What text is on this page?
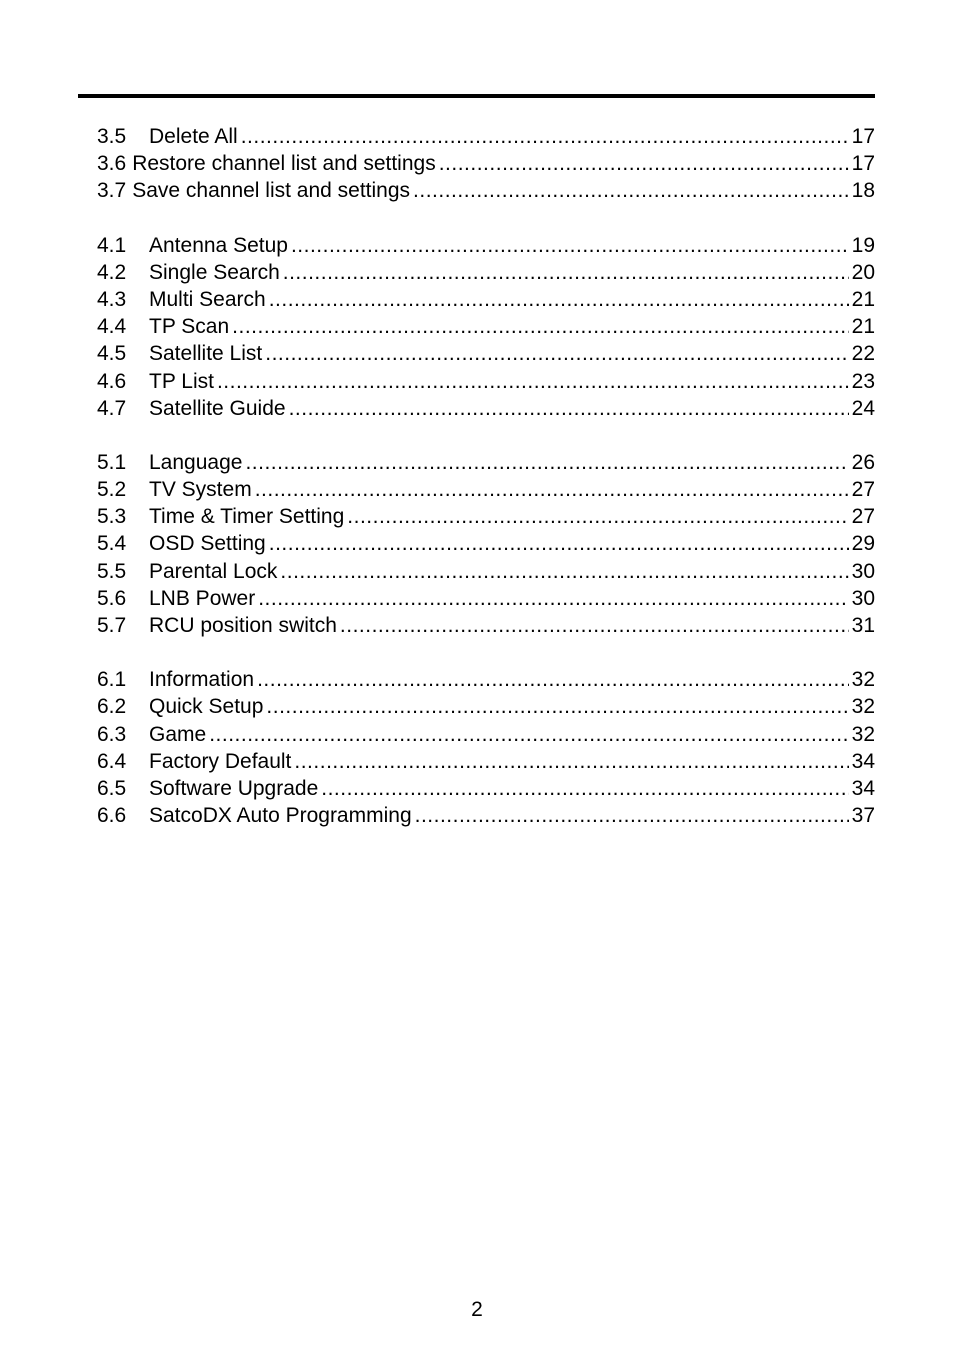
3.5	Delete All .....	17
3.6 Restore channel list and settings .....	17
3.7 Save channel list and settings .....	18
4.1	Antenna Setup .....	19
4.2	Single Search .....	20
4.3	Multi Search .....	21
4.4	TP Scan .....	21
4.5	Satellite List .....	22
4.6	TP List .....	23
4.7	Satellite Guide .....	24
5.1	Language .....	26
5.2	TV System .....	27
5.3	Time & Timer Setting .....	27
5.4	OSD Setting .....	29
5.5	Parental Lock .....	30
5.6	LNB Power .....	30
5.7	RCU position switch .....	31
6.1	Information .....	32
6.2	Quick Setup .....	32
6.3	Game .....	32
6.4	Factory Default .....	34
6.5	Software Upgrade .....	34
6.6	SatcoDX Auto Programming .....	37
2
